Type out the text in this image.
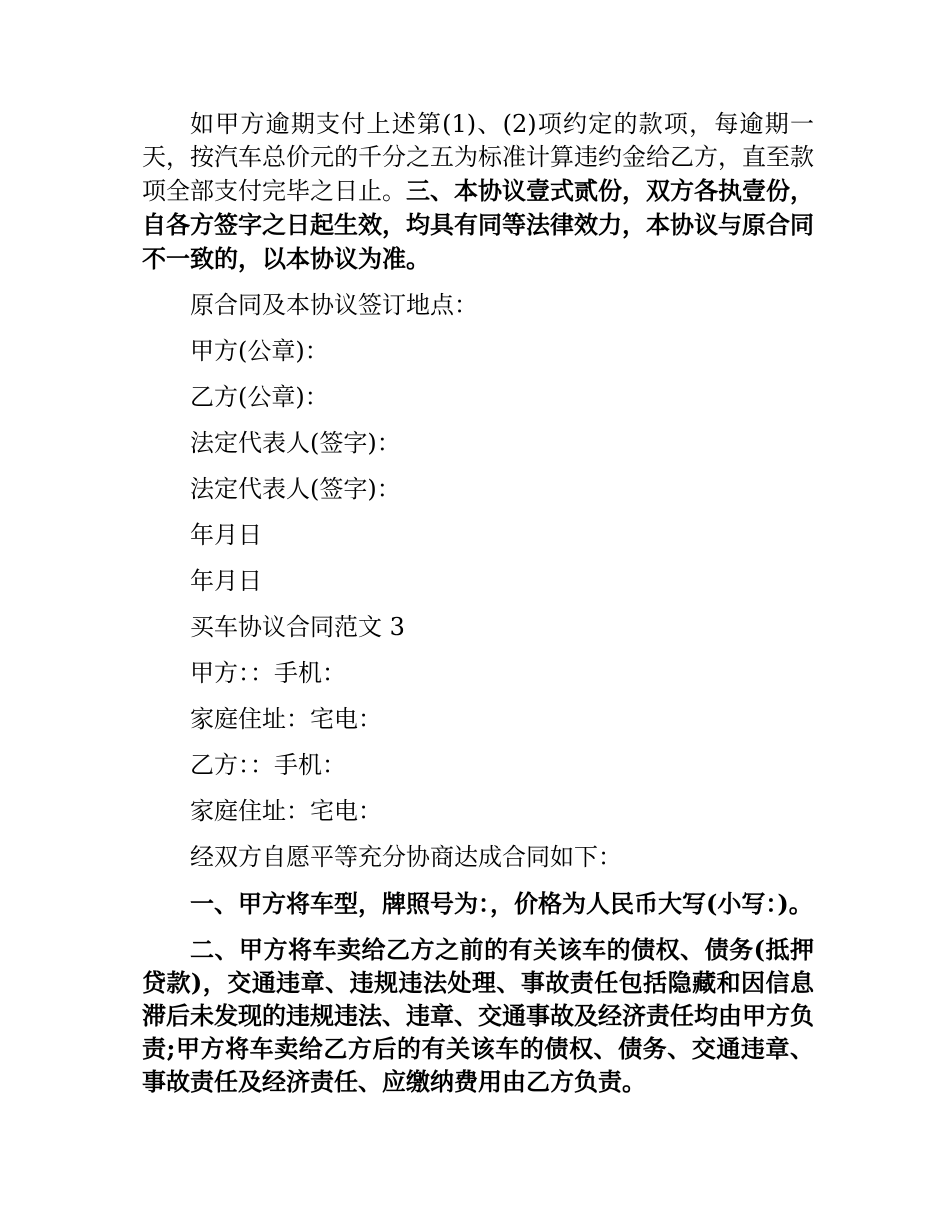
如甲方逾期支付上述第(1)、(2)项约定的款项，每逾期一天，按汽车总价元的千分之五为标准计算违约金给乙方，直至款项全部支付完毕之日止。三、本协议壹式贰份，双方各执壹份，自各方签字之日起生效，均具有同等法律效力，本协议与原合同不一致的，以本协议为准。

原合同及本协议签订地点：

甲方(公章)：

乙方(公章)：

法定代表人(签字)：

法定代表人(签字)：

年月日

年月日

买车协议合同范文 3

甲方：：手机：

家庭住址：宅电：

乙方：：手机：

家庭住址：宅电：

经双方自愿平等充分协商达成合同如下：

一、甲方将车型，牌照号为：，价格为人民币大写(小写：)。

二、甲方将车卖给乙方之前的有关该车的债权、债务(抵押贷款)，交通违章、违规违法处理、事故责任包括隐藏和因信息滞后未发现的违规违法、违章、交通事故及经济责任均由甲方负责;甲方将车卖给乙方后的有关该车的债权、债务、交通违章、事故责任及经济责任、应缴纳费用由乙方负责。
